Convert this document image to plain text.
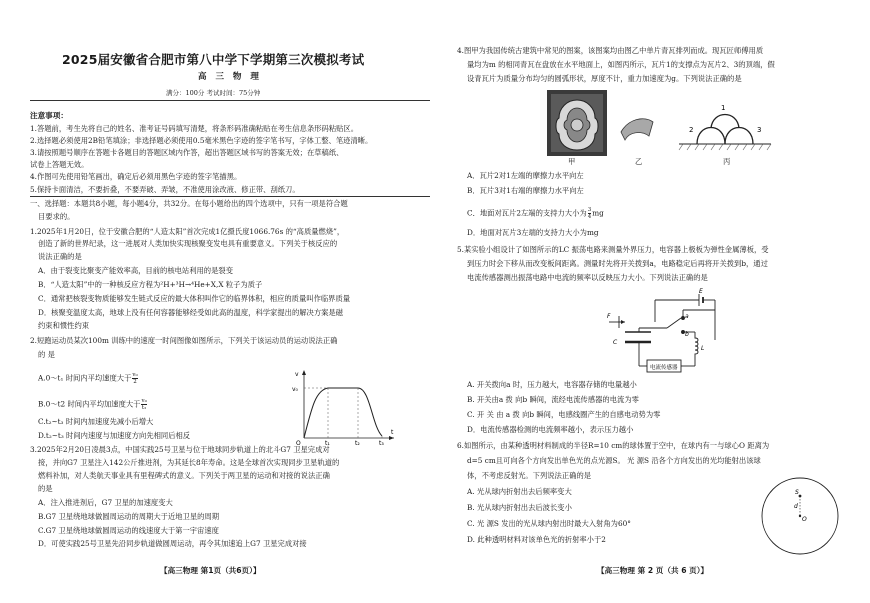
2025届安徽省合肥市第八中学下学期第三次模拟考试
高 三 物 理
满分：100分 考试时间：75分钟
注意事项：
1.答题前，考生先将自己的姓名、准考证号码填写清楚，将条形码准确粘贴在考生信息条形码粘贴区。
2.选择题必须使用2B铅笔填涂；非选择题必须使用0.5毫米黑色字迹的签字笔书写，字体工整、笔迹清晰。
3.请按照题号顺序在答题卡各题目的答题区域内作答，超出答题区域书写的答案无效；在草稿纸、
试卷上答题无效。
4.作图可先使用铅笔画出，确定后必须用黑色字迹的签字笔描黑。
5.保持卡面清洁，不要折叠，不要弄破、弄皱，不准使用涂改液、修正带、刮纸刀。
一、选择题：本题共8小题，每小题4分，共32分。在每小题给出的四个选项中，只有一项是符合题
目要求的。
1.2025年1月20日，位于安徽合肥的“人造太阳”首次完成1亿摄氏度1066.76s 的“高质量燃烧”，
创造了新的世界纪录，这一进展对人类加快实现核聚变发电具有重要意义。下列关于核反应的
说法正确的是
A．由于裂变比聚变产能效率高，目前的核电站利用的是裂变
B．“人造太阳”中的一种核反应方程为²H+³H→⁴He+X,X 粒子为质子
C．通常把核裂变物质能够发生链式反应的最大体积叫作它的临界体积，相应的质量叫作临界质量
D．核聚变温度太高，地球上没有任何容器能够经受如此高的温度，科学家提出的解决方案是磁
约束和惯性约束
2.短跑运动员某次100m 训练中的速度一时间图像如图所示，下列关于该运动员的运动说法正确
的 是
A.0～t₁ 时间内平均速度大于 $\frac{\text{v₀}}{2}$
B.0～t2 时间内平均加速度大于 $\frac{\text{v₀}}{\text{t₂}}$
C.t₂~t₃ 时间内加速度先减小后增大
D.t₂~t₃ 时间内速度与加速度方向先相同后相反
v
v₀
O	t₁	t₂	t₃
t
3.2025年2月20日凌晨3点，中国实践25号卫星与位于地球同步轨道上的北斗G7 卫星完成对
接，并向G7 卫星注入142公斤推进剂，为其延长8年寿命。这是全球首次实现同步卫星轨道的
燃料补加，对人类航天事业具有里程碑式的意义。下列关于两卫星的运动和对接的说法正确
的是
A．注入推进剂后，G7 卫星的加速度变大
B.G7 卫星绕地球做圆周运动的周期大于近地卫星的周期
C.G7 卫星绕地球做圆周运动的线速度大于第一宇宙速度
D．可使实践25号卫星先沿同步轨道做圆周运动，再令其加速追上G7 卫星完成对接
【高三物理 第1页（共6页）】
4.图甲为我国传统古建筑中常见的图案，该图案均由图乙中单片青瓦排列而成。现瓦匠师傅用质
量均为m 的相同青瓦在盘放在水平地面上，如图丙所示，瓦片1的支撑点为瓦片2、3的顶端，假
设青瓦片为质量分布均匀的圆弧形状，厚度不计，重力加速度为g。下列说法正确的是
甲	乙
1
2	3
丙
A．瓦片2对1左端的摩擦力水平向左
B．瓦片3对1右端的摩擦力水平向左
C．地面对瓦片2左端的支持力大小为 $\frac{3}{4}$ mg
D．地面对瓦片3左端的支持力大小为mg
5.某实验小组设计了如图所示的LC 振荡电路来测量外界压力，电容器上极板为弹性金属薄板，受
到压力时会下移从而改变板间距离。测量时先将开关拨到a，电路稳定后再将开关拨到b，通过
电流传感器测出振荡电路中电流的频率以反映压力大小。下列说法正确的是
电流传感器
E
F	a
b
C
L
A. 开关拨向a 时，压力越大，电容器存储的电量越小
B. 开关由a 拨 向b 瞬间，流经电流传感器的电流为零
C. 开 关 由 a 拨 向b 瞬间，电感线圈产生的自感电动势为零
D．电流传感器检测的电流频率越小，表示压力越小
6.如图所示，由某种透明材料制成的半径R=10 cm的球体置于空中，在球内有一与球心O 距离为
d=5 cm且可向各个方向发出单色光的点光源S。 光 源S 沿各个方向发出的光均能射出该球
体，不考虑反射光。下列说法正确的是
A. 光从球内折射出去后频率变大
B. 光从球内折射出去后波长变小
C. 光 源S 发出的光从球内射出时最大入射角为60°
D. 此种透明材料对该单色光的折射率小于2
S
d
O
【高三物理 第 2 页（共 6 页）】
